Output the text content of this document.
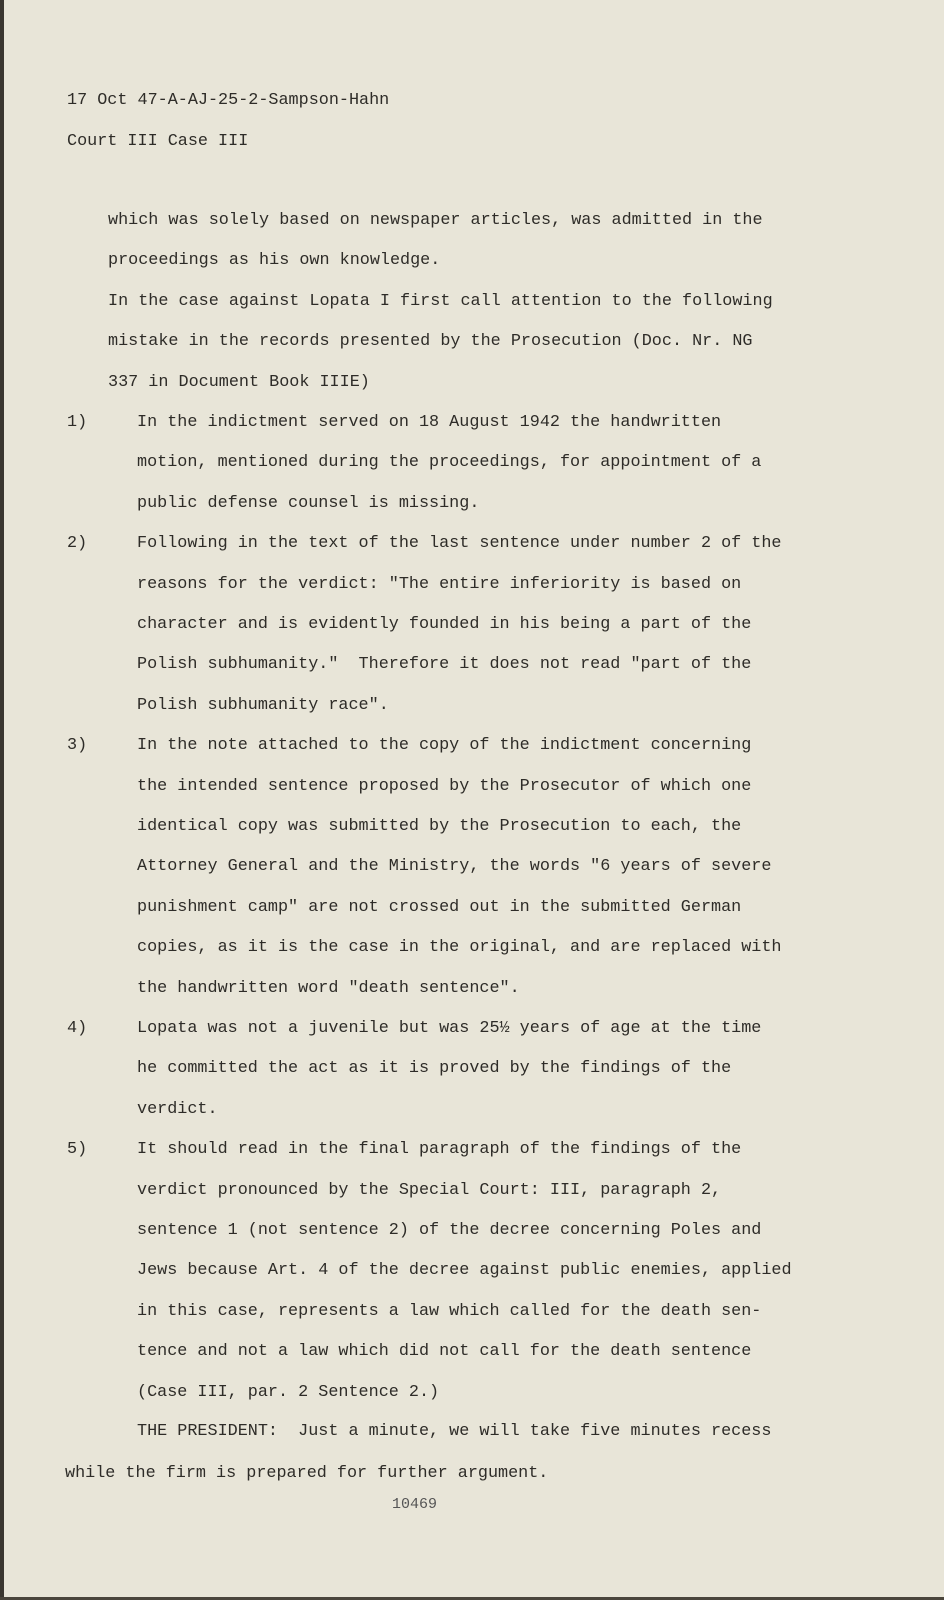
17 Oct 47-A-AJ-25-2-Sampson-Hahn
Court III Case III
which was solely based on newspaper articles, was admitted in the
proceedings as his own knowledge.
In the case against Lopata I first call attention to the following
mistake in the records presented by the Prosecution (Doc. Nr. NG
337 in Document Book IIIE)
1)	In the indictment served on 18 August 1942 the handwritten
motion, mentioned during the proceedings, for appointment of a
public defense counsel is missing.
2)	Following in the text of the last sentence under number 2 of the
reasons for the verdict: "The entire inferiority is based on
character and is evidently founded in his being a part of the
Polish subhumanity."  Therefore it does not read "part of the
Polish subhumanity race".
3)	In the note attached to the copy of the indictment concerning
the intended sentence proposed by the Prosecutor of which one
identical copy was submitted by the Prosecution to each, the
Attorney General and the Ministry, the words "6 years of severe
punishment camp" are not crossed out in the submitted German
copies, as it is the case in the original, and are replaced with
the handwritten word "death sentence".
4)	Lopata was not a juvenile but was 25½ years of age at the time
he committed the act as it is proved by the findings of the
verdict.
5)	It should read in the final paragraph of the findings of the
verdict pronounced by the Special Court: III, paragraph 2,
sentence 1 (not sentence 2) of the decree concerning Poles and
Jews because Art. 4 of the decree against public enemies, applied
in this case, represents a law which called for the death sen-
tence and not a law which did not call for the death sentence
(Case III, par. 2 Sentence 2.)
THE PRESIDENT:  Just a minute, we will take five minutes recess
while the firm is prepared for further argument.
10469
